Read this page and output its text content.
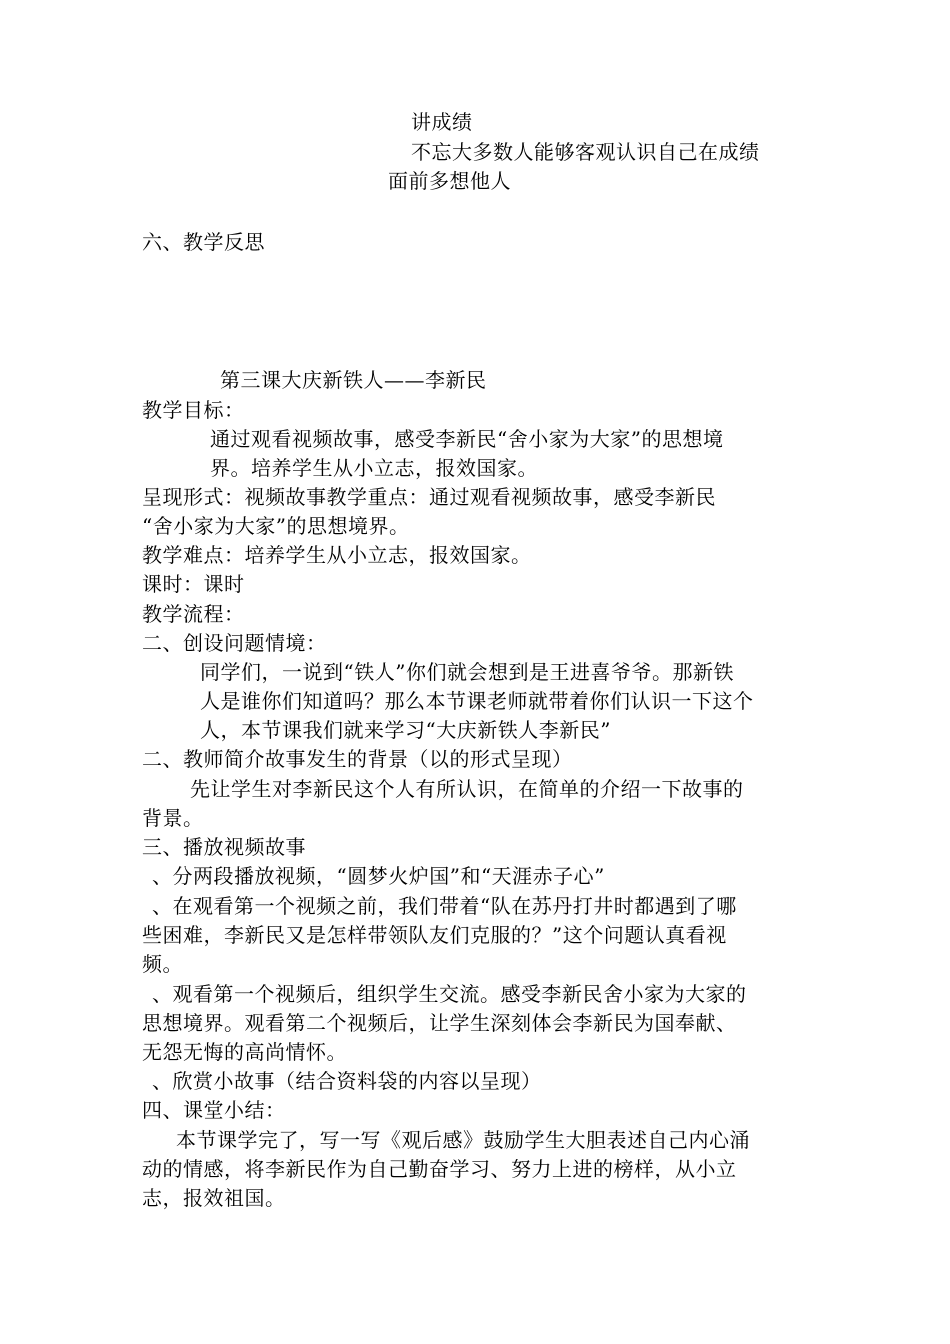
讲成绩
不忘大多数人能够客观认识自己在成绩
面前多想他人
六、教学反思
第三课大庆新铁人——李新民
教学目标：
通过观看视频故事，感受李新民“舍小家为大家”的思想境
界。培养学生从小立志，报效国家。
呈现形式：视频故事教学重点：通过观看视频故事，感受李新民
“舍小家为大家”的思想境界。
教学难点：培养学生从小立志，报效国家。
课时：课时
教学流程：
二、创设问题情境：
同学们，一说到“铁人”你们就会想到是王进喜爷爷。那新铁
人是谁你们知道吗？那么本节课老师就带着你们认识一下这个
人，本节课我们就来学习“大庆新铁人李新民”
二、教师简介故事发生的背景（以的形式呈现）
先让学生对李新民这个人有所认识，在简单的介绍一下故事的
背景。
三、播放视频故事
、分两段播放视频，“圆梦火炉国”和“天涯赤子心”
、在观看第一个视频之前，我们带着“队在苏丹打井时都遇到了哪
些困难，李新民又是怎样带领队友们克服的？”这个问题认真看视
频。
、观看第一个视频后，组织学生交流。感受李新民舍小家为大家的
思想境界。观看第二个视频后，让学生深刻体会李新民为国奉献、
无怨无悔的高尚情怀。
、欣赏小故事（结合资料袋的内容以呈现）
四、课堂小结：
本节课学完了，写一写《观后感》鼓励学生大胆表述自己内心涌
动的情感，将李新民作为自己勤奋学习、努力上进的榜样，从小立
志，报效祖国。
